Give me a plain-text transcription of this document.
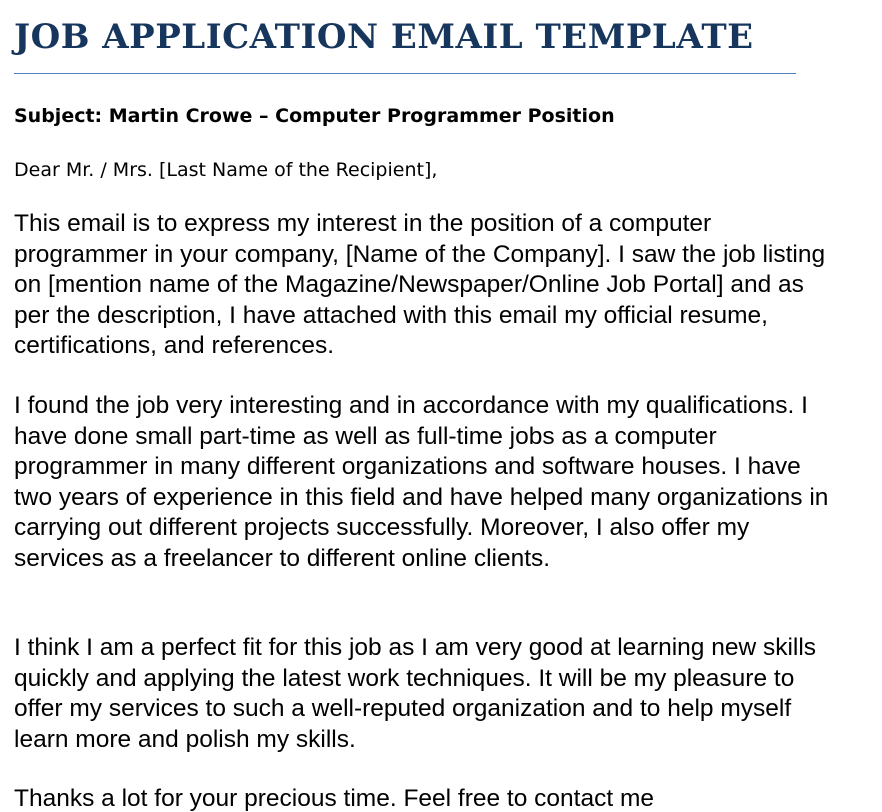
JOB APPLICATION EMAIL TEMPLATE

Subject: Martin Crowe – Computer Programmer Position

Dear Mr. / Mrs. [Last Name of the Recipient],

This email is to express my interest in the position of a computer programmer in your company, [Name of the Company]. I saw the job listing on [mention name of the Magazine/Newspaper/Online Job Portal] and as per the description, I have attached with this email my official resume, certifications, and references.

I found the job very interesting and in accordance with my qualifications. I have done small part-time as well as full-time jobs as a computer programmer in many different organizations and software houses. I have two years of experience in this field and have helped many organizations in carrying out different projects successfully. Moreover, I also offer my services as a freelancer to different online clients.

I think I am a perfect fit for this job as I am very good at learning new skills quickly and applying the latest work techniques. It will be my pleasure to offer my services to such a well-reputed organization and to help myself learn more and polish my skills.

Thanks a lot for your precious time. Feel free to contact me
